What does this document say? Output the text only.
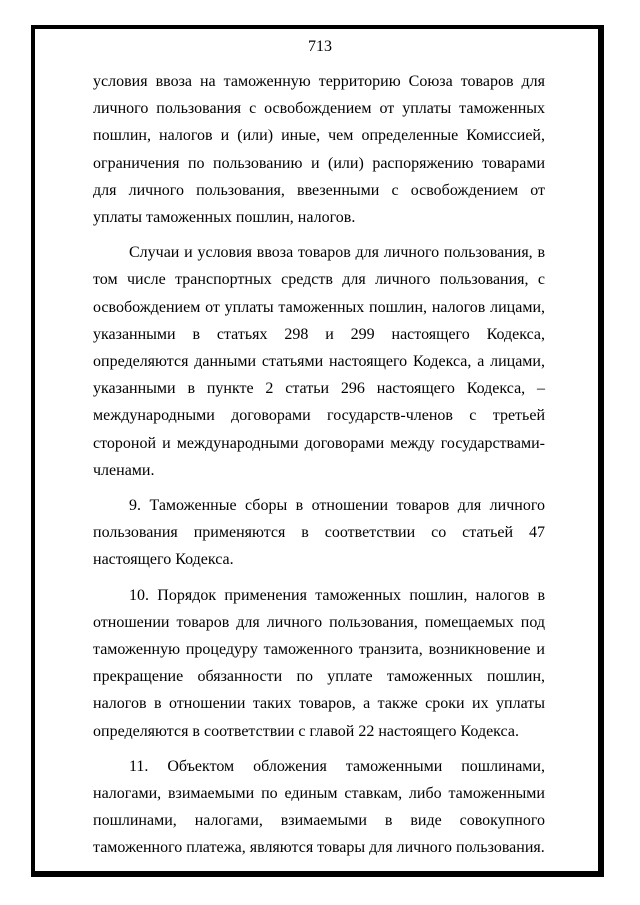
713

условия ввоза на таможенную территорию Союза товаров для личного пользования с освобождением от уплаты таможенных пошлин, налогов и (или) иные, чем определенные Комиссией, ограничения по пользованию и (или) распоряжению товарами для личного пользования, ввезенными с освобождением от уплаты таможенных пошлин, налогов.

Случаи и условия ввоза товаров для личного пользования, в том числе транспортных средств для личного пользования, с освобождением от уплаты таможенных пошлин, налогов лицами, указанными в статьях 298 и 299 настоящего Кодекса, определяются данными статьями настоящего Кодекса, а лицами, указанными в пункте 2 статьи 296 настоящего Кодекса, – международными договорами государств-членов с третьей стороной и международными договорами между государствами-членами.

9. Таможенные сборы в отношении товаров для личного пользования применяются в соответствии со статьей 47 настоящего Кодекса.

10. Порядок применения таможенных пошлин, налогов в отношении товаров для личного пользования, помещаемых под таможенную процедуру таможенного транзита, возникновение и прекращение обязанности по уплате таможенных пошлин, налогов в отношении таких товаров, а также сроки их уплаты определяются в соответствии с главой 22 настоящего Кодекса.

11. Объектом обложения таможенными пошлинами, налогами, взимаемыми по единым ставкам, либо таможенными пошлинами, налогами, взимаемыми в виде совокупного таможенного платежа, являются товары для личного пользования.
